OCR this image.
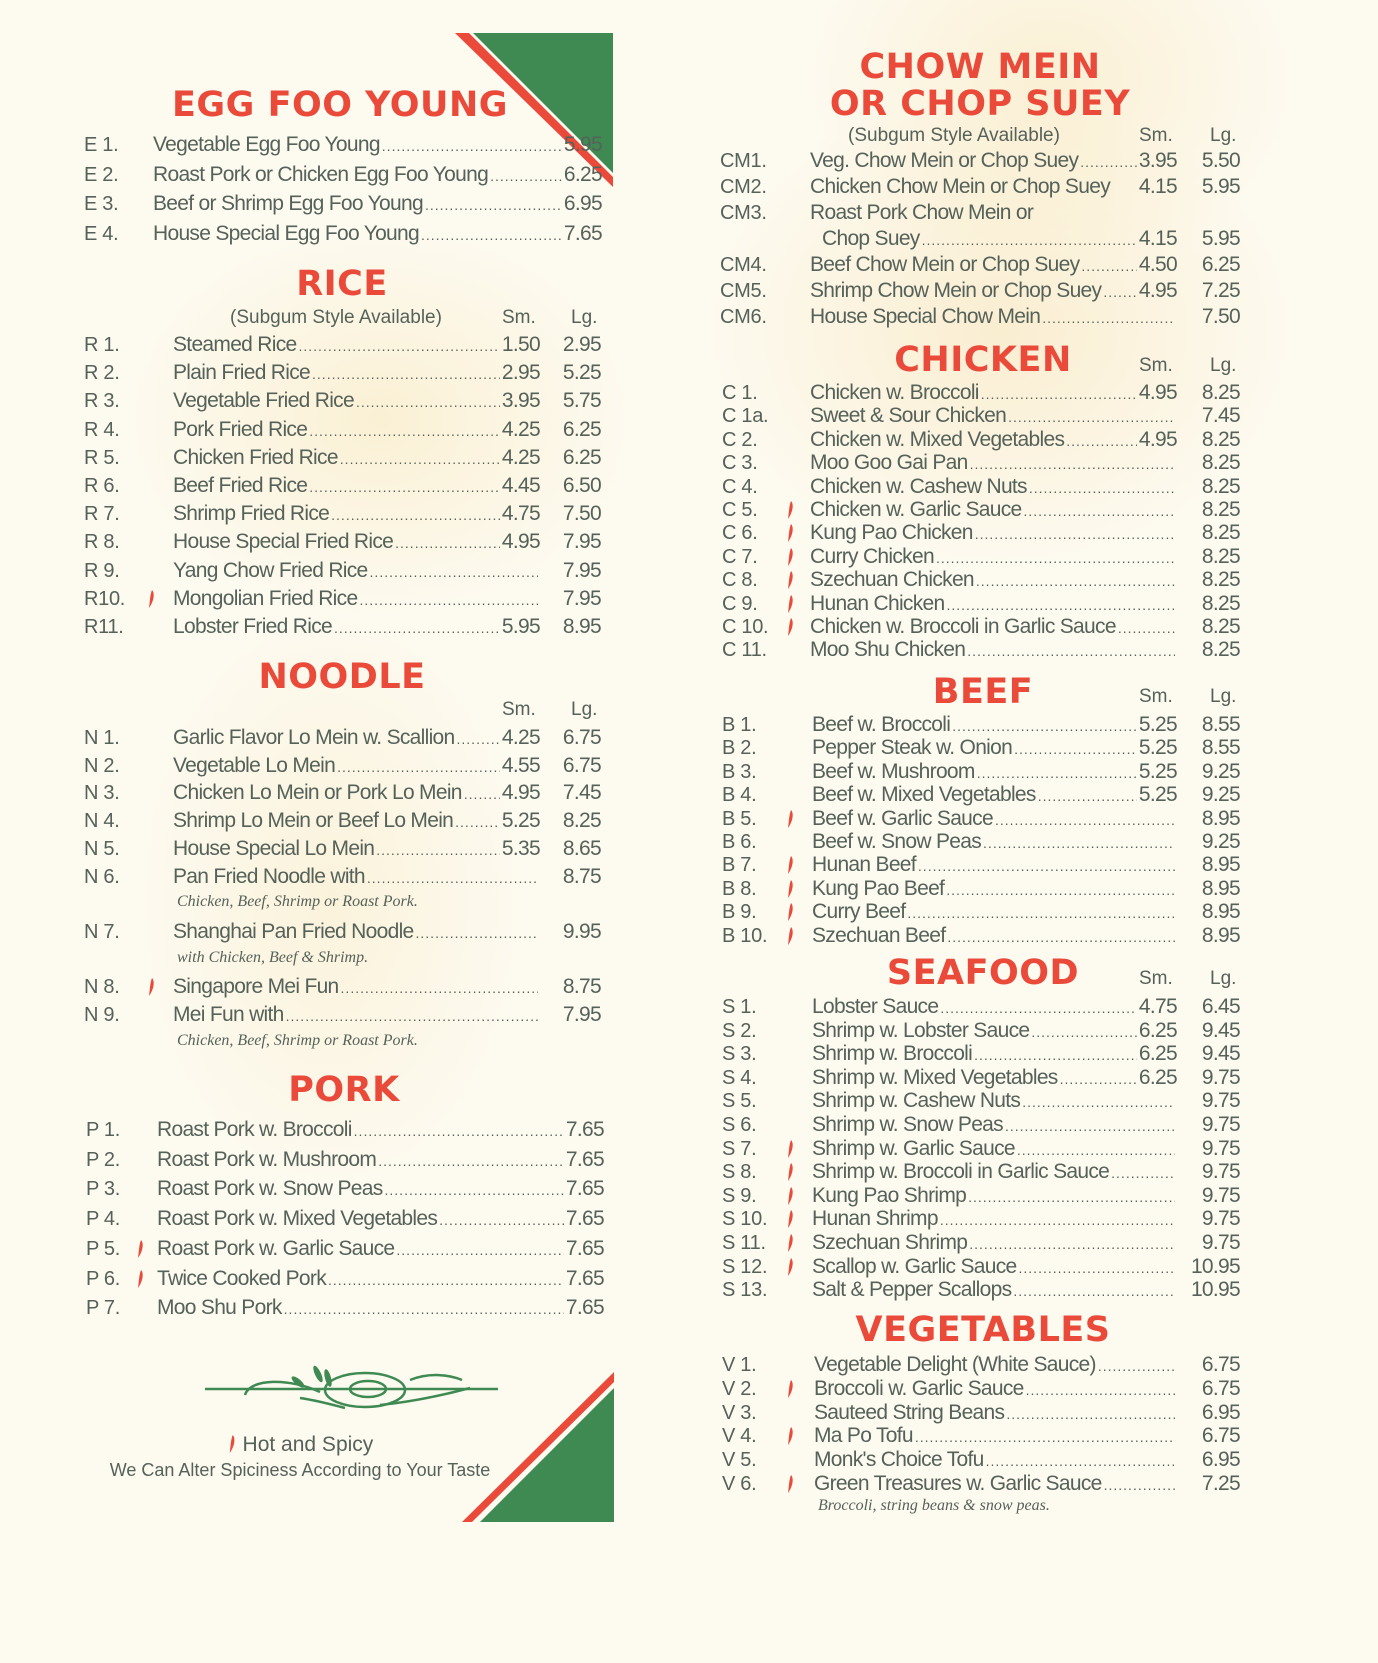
EGG FOO YOUNG
E 1. Vegetable Egg Foo Young .....	5.95
E 2. Roast Pork or Chicken Egg Foo Young .....	6.25
E 3. Beef or Shrimp Egg Foo Young .....	6.95
E 4. House Special Egg Foo Young .....	7.65
RICE
(Subgum Style Available)	Sm. Lg.
R 1.	Steamed Rice .....	1.50	2.95
R 2.	Plain Fried Rice .....	2.95	5.25
R 3.	Vegetable Fried Rice .....	3.95	5.75
R 4.	Pork Fried Rice .....	4.25	6.25
R 5.	Chicken Fried Rice .....	4.25	6.25
R 6.	Beef Fried Rice .....	4.45	6.50
R 7.	Shrimp Fried Rice .....	4.75	7.50
R 8.	House Special Fried Rice .....	4.95	7.95
R 9.	Yang Chow Fried Rice .....	7.95
R10. Mongolian Fried Rice .....	7.95
R11. Lobster Fried Rice .....	5.95	8.95
NOODLE
Sm. Lg.
N 1.	Garlic Flavor Lo Mein w. Scallion ..... 4.25	6.75
N 2.	Vegetable Lo Mein .....	4.55	6.75
N 3.	Chicken Lo Mein or Pork Lo Mein ..... 4.95	7.45
N 4.	Shrimp Lo Mein or Beef Lo Mein ..... 5.25	8.25
N 5.	House Special Lo Mein .....	5.35	8.65
N 6.	Pan Fried Noodle with .....	8.75
Chicken, Beef, Shrimp or Roast Pork.
N 7.	Shanghai Pan Fried Noodle .....	9.95
with Chicken, Beef & Shrimp.
N 8.	Singapore Mei Fun .....	8.75
N 9.	Mei Fun with .....	7.95
Chicken, Beef, Shrimp or Roast Pork.
PORK
P 1. Roast Pork w. Broccoli .....	7.65
P 2. Roast Pork w. Mushroom .....	7.65
P 3. Roast Pork w. Snow Peas .....	7.65
P 4. Roast Pork w. Mixed Vegetables .....	7.65
P 5. Roast Pork w. Garlic Sauce .....	7.65
P 6. Twice Cooked Pork .....	7.65
P 7. Moo Shu Pork .....	7.65
CHOW MEIN
OR CHOP SUEY
(Subgum Style Available)	Sm. Lg.
CM1. Veg. Chow Mein or Chop Suey .....	3.95	5.50
CM2. Chicken Chow Mein or Chop Suey 4.15	5.95
CM3. Roast Pork Chow Mein or
Chop Suey .....	4.15	5.95
CM4. Beef Chow Mein or Chop Suey .....	4.50	6.25
CM5. Shrimp Chow Mein or Chop Suey ..... 4.95	7.25
CM6. House Special Chow Mein .....	7.50
CHICKEN	Sm. Lg.
C 1.	Chicken w. Broccoli .....	4.95	8.25
C 1a. Sweet & Sour Chicken .....	7.45
C 2.	Chicken w. Mixed Vegetables .....	4.95	8.25
C 3.	Moo Goo Gai Pan .....	8.25
C 4.	Chicken w. Cashew Nuts .....	8.25
C 5.	Chicken w. Garlic Sauce .....	8.25
C 6.	Kung Pao Chicken .....	8.25
C 7.	Curry Chicken .....	8.25
C 8.	Szechuan Chicken .....	8.25
C 9.	Hunan Chicken .....	8.25
C 10. Chicken w. Broccoli in Garlic Sauce .....	8.25
C 11. Moo Shu Chicken .....	8.25
BEEF	Sm. Lg.
B 1.	Beef w. Broccoli .....	5.25	8.55
B 2.	Pepper Steak w. Onion .....	5.25	8.55
B 3.	Beef w. Mushroom .....	5.25	9.25
B 4.	Beef w. Mixed Vegetables .....	5.25	9.25
B 5.	Beef w. Garlic Sauce .....	8.95
B 6.	Beef w. Snow Peas .....	9.25
B 7.	Hunan Beef .....	8.95
B 8.	Kung Pao Beef .....	8.95
B 9.	Curry Beef .....	8.95
B 10. Szechuan Beef .....	8.95
SEAFOOD	Sm. Lg.
S 1.	Lobster Sauce .....	4.75	6.45
S 2.	Shrimp w. Lobster Sauce .....	6.25	9.45
S 3.	Shrimp w. Broccoli .....	6.25	9.45
S 4.	Shrimp w. Mixed Vegetables .....	6.25	9.75
S 5.	Shrimp w. Cashew Nuts .....	9.75
S 6.	Shrimp w. Snow Peas .....	9.75
S 7.	Shrimp w. Garlic Sauce .....	9.75
S 8.	Shrimp w. Broccoli in Garlic Sauce .....	9.75
S 9.	Kung Pao Shrimp .....	9.75
S 10. Hunan Shrimp .....	9.75
S 11. Szechuan Shrimp .....	9.75
S 12. Scallop w. Garlic Sauce .....	10.95
S 13. Salt & Pepper Scallops .....	10.95
VEGETABLES
V 1.	Vegetable Delight (White Sauce) .....	6.75
V 2.	Broccoli w. Garlic Sauce .....	6.75
V 3.	Sauteed String Beans .....	6.95
V 4.	Ma Po Tofu .....	6.75
V 5.	Monk's Choice Tofu .....	6.95
V 6.	Green Treasures w. Garlic Sauce .....	7.25
Broccoli, string beans & snow peas.
Hot and Spicy
We Can Alter Spiciness According to Your Taste
